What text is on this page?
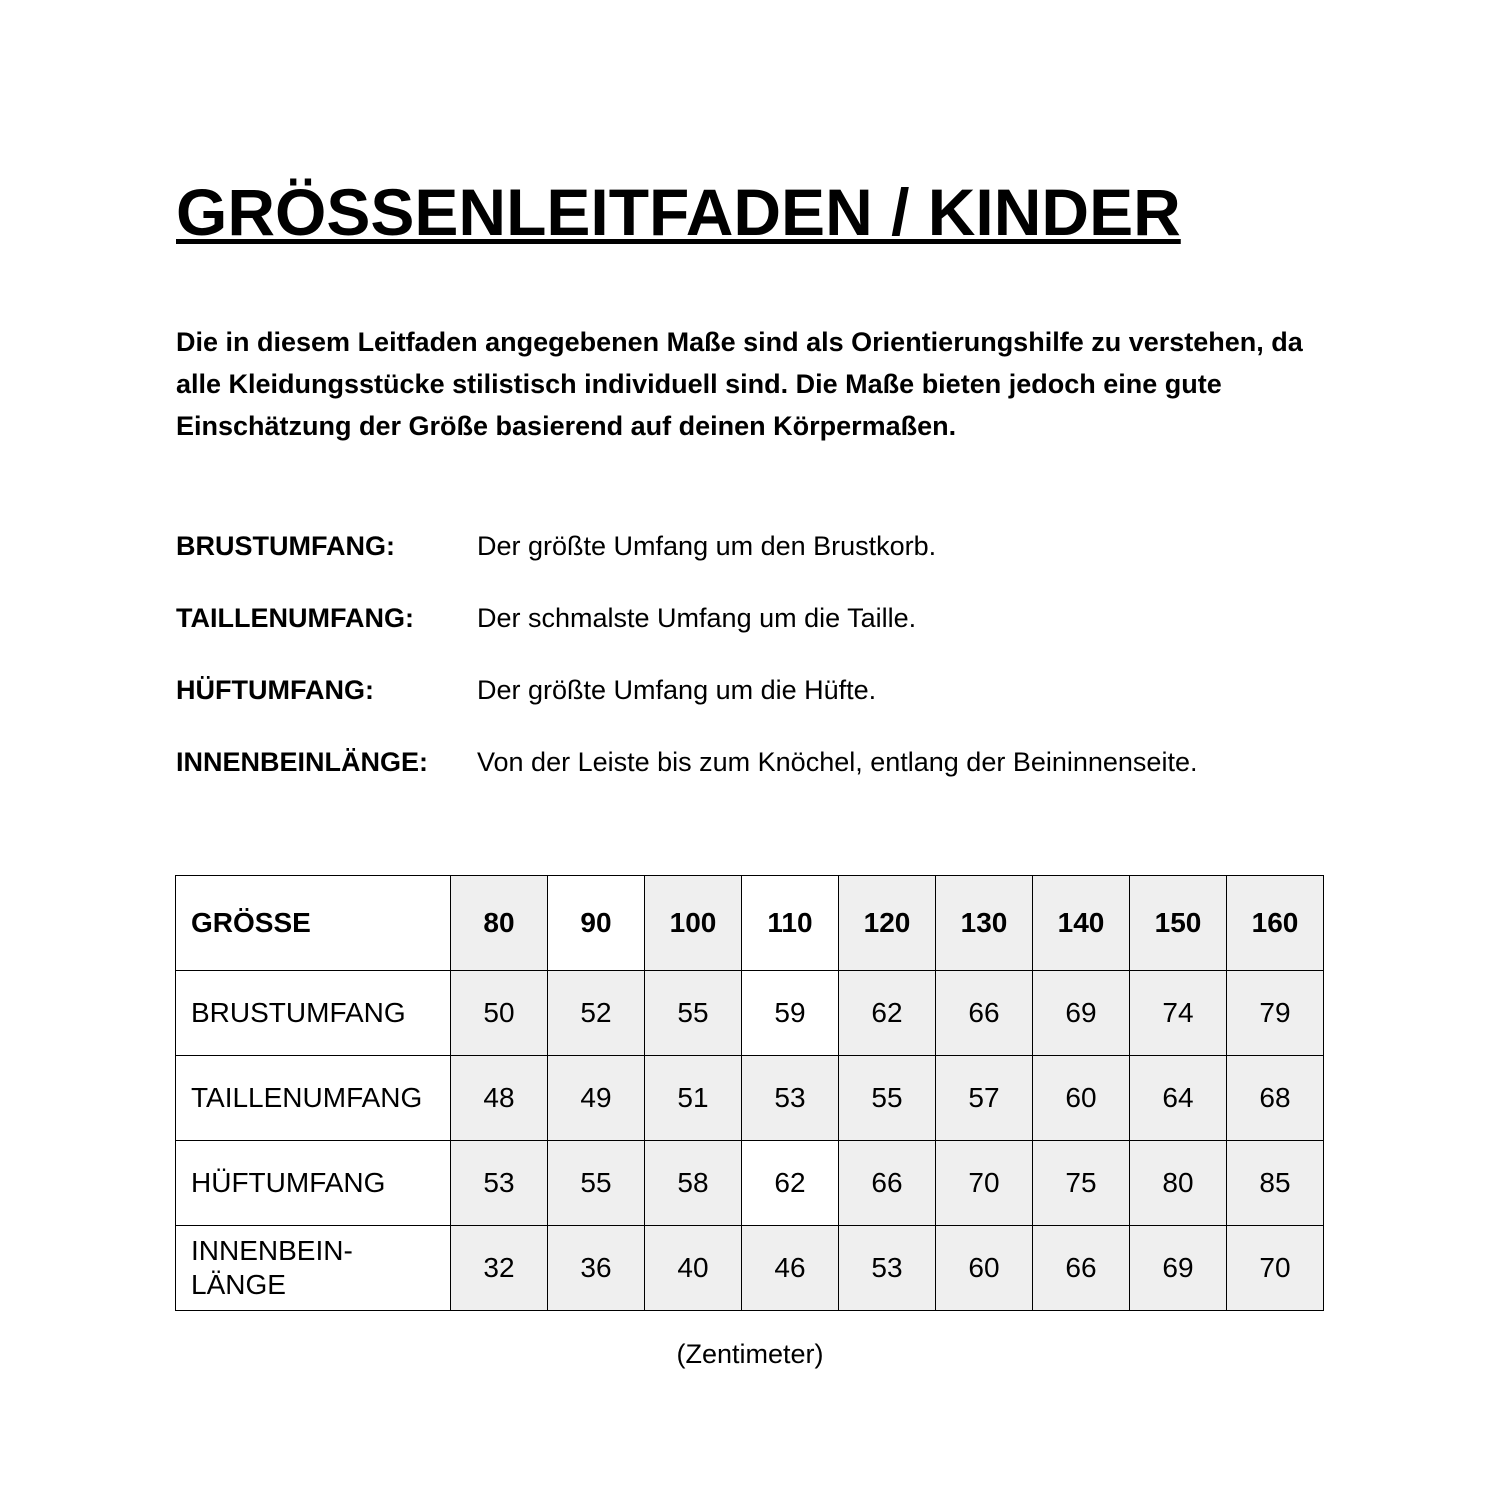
GRÖSSENLEITFADEN / KINDER

Die in diesem Leitfaden angegebenen Maße sind als Orientierungshilfe zu verstehen, da alle Kleidungsstücke stilistisch individuell sind. Die Maße bieten jedoch eine gute Einschätzung der Größe basierend auf deinen Körpermaßen.

BRUSTUMFANG:	Der größte Umfang um den Brustkorb.
TAILLENUMFANG:	Der schmalste Umfang um die Taille.
HÜFTUMFANG:	Der größte Umfang um die Hüfte.
INNENBEINLÄNGE:	Von der Leiste bis zum Knöchel, entlang der Beininnenseite.
GRÖSSE	80	90	100	110	120	130	140	150	160
BRUSTUMFANG	50	52	55	59	62	66	69	74	79
TAILLENUMFANG	48	49	51	53	55	57	60	64	68
HÜFTUMFANG	53	55	58	62	66	70	75	80	85
INNENBEIN-
LÄNGE	32	36	40	46	53	60	66	69	70

(Zentimeter)
